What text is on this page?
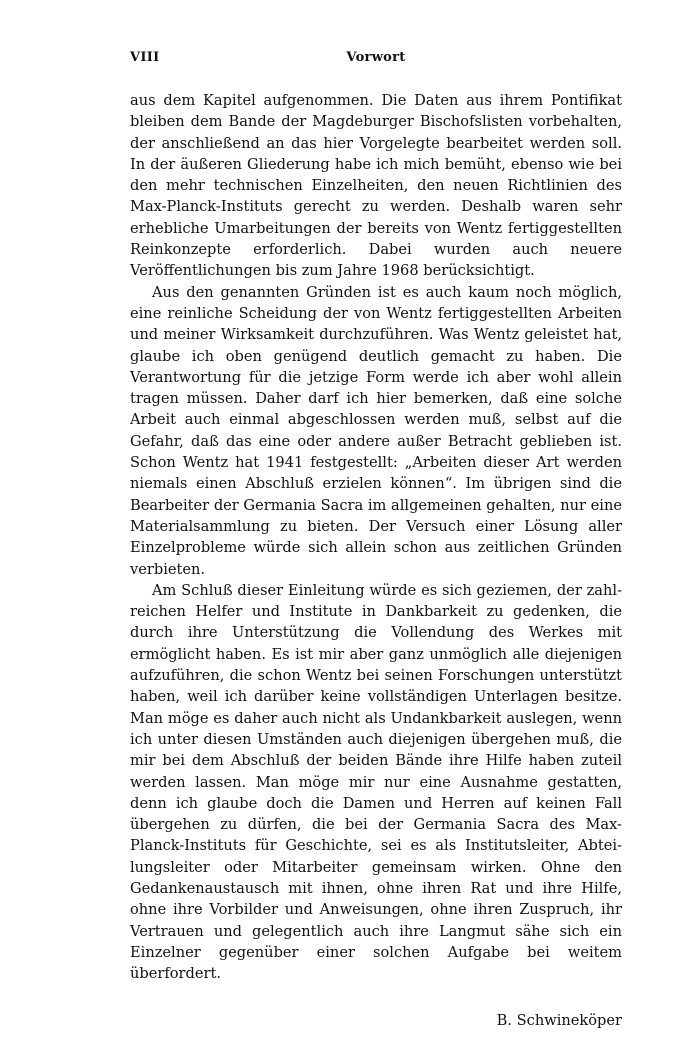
VIII	Vorwort

aus dem Kapitel aufgenommen. Die Daten aus ihrem Pontifikat bleiben dem Bande der Magdeburger Bischofslisten vorbehalten, der anschließend an das hier Vorgelegte bearbeitet werden soll. In der äußeren Gliederung habe ich mich bemüht, ebenso wie bei den mehr technischen Einzelheiten, den neuen Richtlinien des Max-Planck-Instituts gerecht zu werden. Deshalb waren sehr erhebliche Umarbeitungen der bereits von Wentz fertiggestellten Reinkonzepte erforderlich. Dabei wurden auch neuere Veröffentlichungen bis zum Jahre 1968 berücksichtigt.

Aus den genannten Gründen ist es auch kaum noch möglich, eine reinliche Scheidung der von Wentz fertiggestellten Arbeiten und meiner Wirksamkeit durchzuführen. Was Wentz geleistet hat, glaube ich oben genügend deutlich gemacht zu haben. Die Verantwortung für die jetzige Form werde ich aber wohl allein tragen müssen. Daher darf ich hier bemerken, daß eine solche Arbeit auch einmal abgeschlossen werden muß, selbst auf die Gefahr, daß das eine oder andere außer Betracht geblieben ist. Schon Wentz hat 1941 festgestellt: „Arbeiten dieser Art werden niemals einen Abschluß erzielen können“. Im übrigen sind die Bearbeiter der Germania Sacra im allgemeinen gehalten, nur eine Materialsammlung zu bieten. Der Versuch einer Lösung aller Einzelprobleme würde sich allein schon aus zeitlichen Gründen verbieten.

Am Schluß dieser Einleitung würde es sich geziemen, der zahlreichen Helfer und Institute in Dankbarkeit zu gedenken, die durch ihre Unterstützung die Vollendung des Werkes mit ermöglicht haben. Es ist mir aber ganz unmöglich alle diejenigen aufzuführen, die schon Wentz bei seinen Forschungen unterstützt haben, weil ich darüber keine vollständigen Unterlagen besitze. Man möge es daher auch nicht als Undankbarkeit auslegen, wenn ich unter diesen Umständen auch diejenigen übergehen muß, die mir bei dem Abschluß der beiden Bände ihre Hilfe haben zuteil werden lassen. Man möge mir nur eine Ausnahme gestatten, denn ich glaube doch die Damen und Herren auf keinen Fall übergehen zu dürfen, die bei der Germania Sacra des Max-Planck-Instituts für Geschichte, sei es als Institutsleiter, Abteilungsleiter oder Mitarbeiter gemeinsam wirken. Ohne den Gedankenaustausch mit ihnen, ohne ihren Rat und ihre Hilfe, ohne ihre Vorbilder und Anweisungen, ohne ihren Zuspruch, ihr Vertrauen und gelegentlich auch ihre Langmut sähe sich ein Einzelner gegenüber einer solchen Aufgabe bei weitem überfordert.

B. Schwineköper
